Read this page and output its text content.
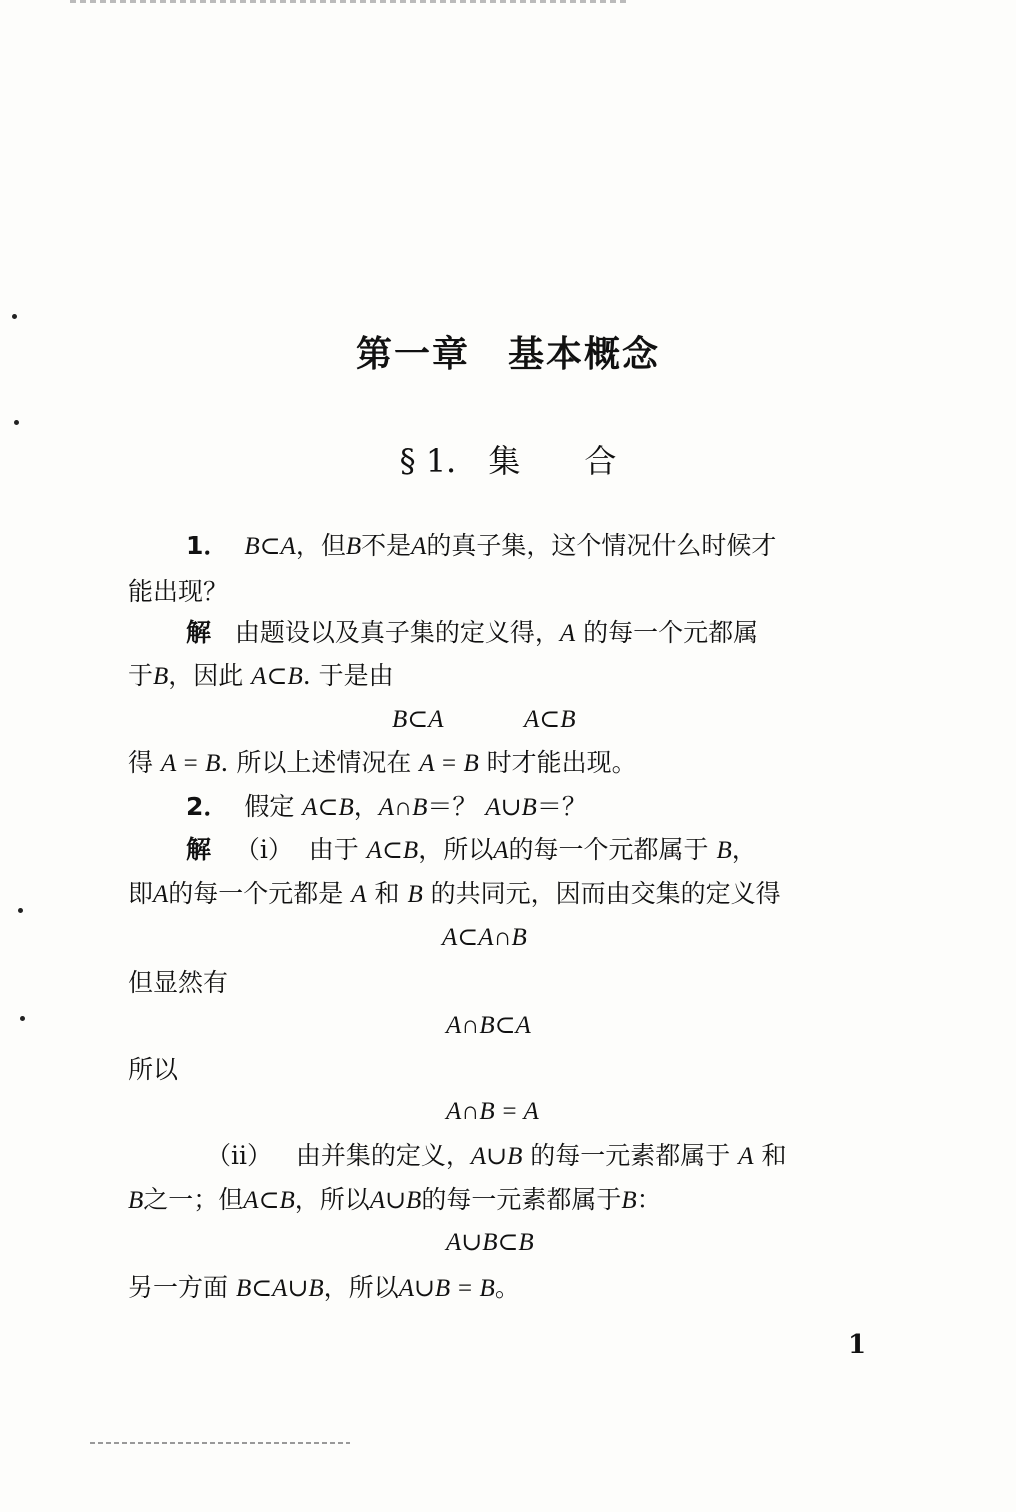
第一章　基本概念
§ 1． 集　　合
1． B⊂A，但B不是A的真子集，这个情况什么时候才
能出现？
解 由题设以及真子集的定义得，A 的每一个元都属
于B，因此 A⊂B. 于是由
B⊂A	A⊂B
得 A = B. 所以上述情况在 A = B 时才能出现。
2． 假定 A⊂B，A∩B＝？ A∪B＝？
解 （i） 由于 A⊂B，所以A的每一个元都属于 B，
即A的每一个元都是 A 和 B 的共同元，因而由交集的定义得
A⊂A∩B
但显然有
A∩B⊂A
所以
A∩B = A
（ii） 由并集的定义，A∪B 的每一元素都属于 A 和
B之一；但A⊂B，所以A∪B的每一元素都属于B：
A∪B⊂B
另一方面 B⊂A∪B，所以A∪B = B。
1
